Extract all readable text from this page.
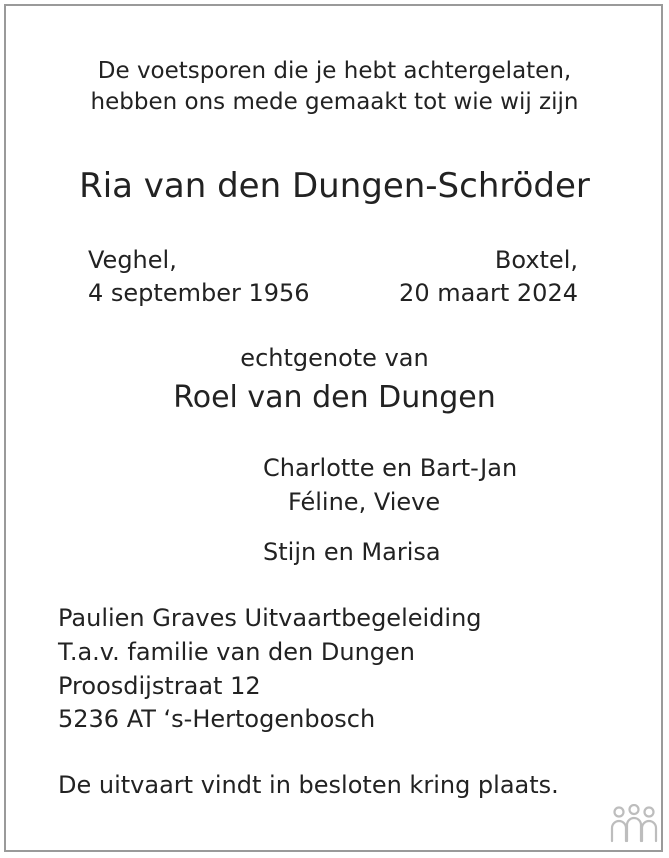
De voetsporen die je hebt achtergelaten,
hebben ons mede gemaakt tot wie wij zijn
Ria van den Dungen-Schröder
Veghel,
4 september 1956
Boxtel,
20 maart 2024
echtgenote van
Roel van den Dungen
Charlotte en Bart-Jan
Féline, Vieve
Stijn en Marisa
Paulien Graves Uitvaartbegeleiding
T.a.v. familie van den Dungen
Proosdijstraat 12
5236 AT ‘s-Hertogenbosch
De uitvaart vindt in besloten kring plaats.
